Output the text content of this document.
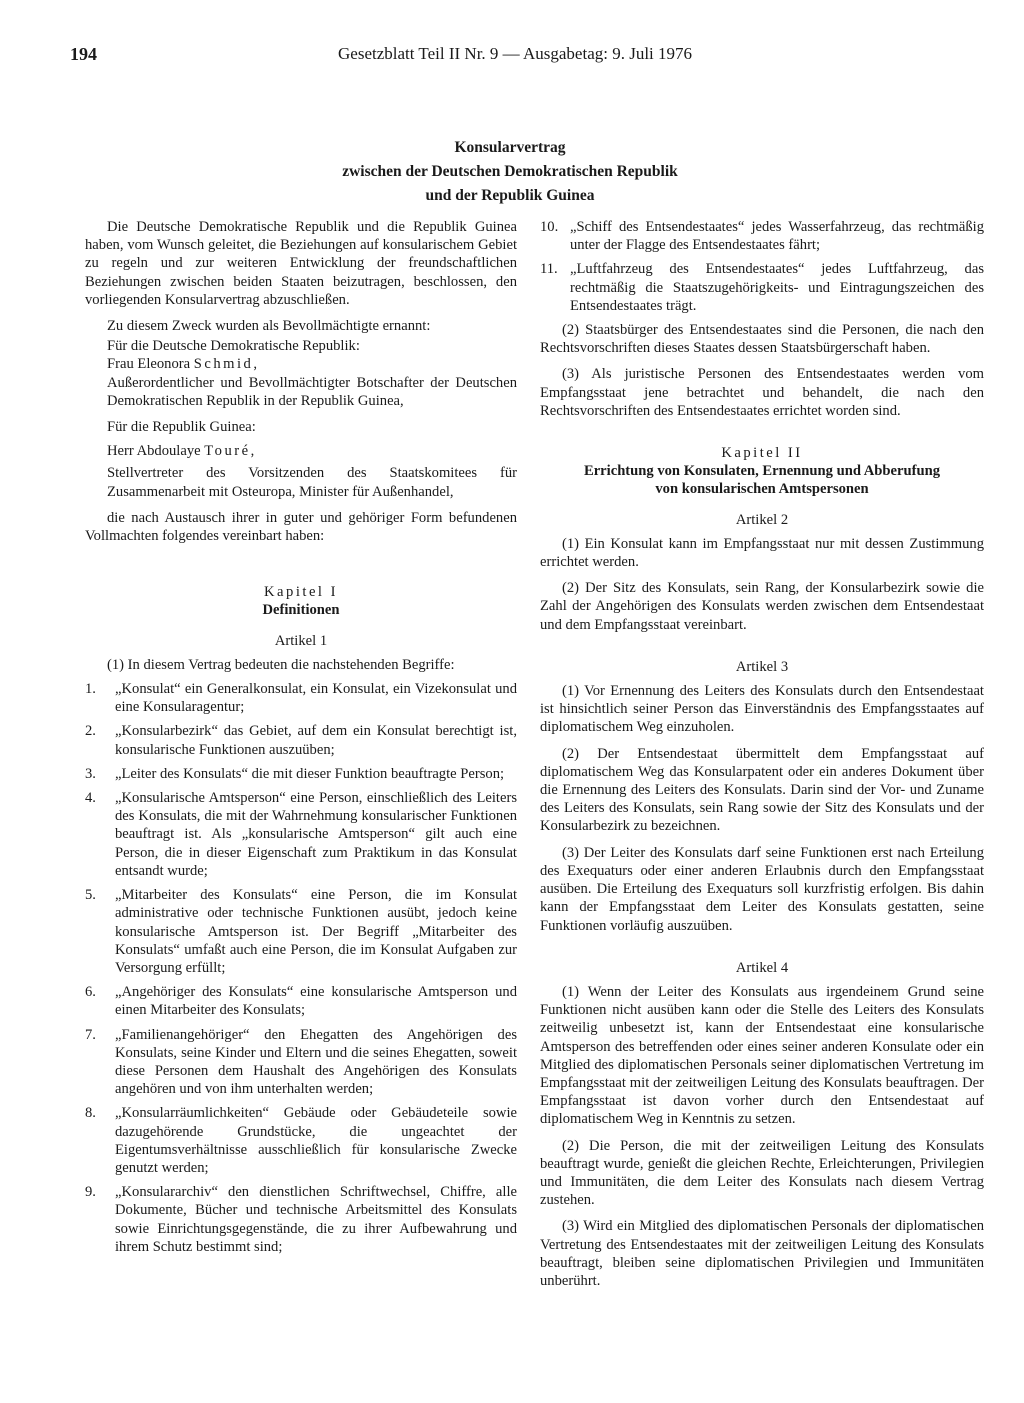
194	Gesetzblatt Teil II Nr. 9 — Ausgabetag: 9. Juli 1976
Konsularvertrag
zwischen der Deutschen Demokratischen Republik
und der Republik Guinea

Die Deutsche Demokratische Republik und die Republik Guinea haben, vom Wunsch geleitet, die Beziehungen auf konsularischem Gebiet zu regeln und zur weiteren Entwicklung der freundschaftlichen Beziehungen zwischen beiden Staaten beizutragen, beschlossen, den vorliegenden Konsularvertrag abzuschließen.

Zu diesem Zweck wurden als Bevollmächtigte ernannt:

Für die Deutsche Demokratische Republik:

Frau Eleonora Schmid,

Außerordentlicher und Bevollmächtigter Botschafter der Deutschen Demokratischen Republik in der Republik Guinea,

Für die Republik Guinea:

Herr Abdoulaye Touré,

Stellvertreter des Vorsitzenden des Staatskomitees für Zusammenarbeit mit Osteuropa, Minister für Außenhandel,

die nach Austausch ihrer in guter und gehöriger Form befundenen Vollmachten folgendes vereinbart haben:

Kapitel I

Definitionen

Artikel 1

(1) In diesem Vertrag bedeuten die nachstehenden Begriffe:

1.	„Konsulat“ ein Generalkonsulat, ein Konsulat, ein Vizekonsulat und eine Konsularagentur;
2.	„Konsularbezirk“ das Gebiet, auf dem ein Konsulat berechtigt ist, konsularische Funktionen auszuüben;
3.	„Leiter des Konsulats“ die mit dieser Funktion beauftragte Person;
4.	„Konsularische Amtsperson“ eine Person, einschließlich des Leiters des Konsulats, die mit der Wahrnehmung konsularischer Funktionen beauftragt ist. Als „konsularische Amtsperson“ gilt auch eine Person, die in dieser Eigenschaft zum Praktikum in das Konsulat entsandt wurde;
5.	„Mitarbeiter des Konsulats“ eine Person, die im Konsulat administrative oder technische Funktionen ausübt, jedoch keine konsularische Amtsperson ist. Der Begriff „Mitarbeiter des Konsulats“ umfaßt auch eine Person, die im Konsulat Aufgaben zur Versorgung erfüllt;
6.	„Angehöriger des Konsulats“ eine konsularische Amtsperson und einen Mitarbeiter des Konsulats;
7.	„Familienangehöriger“ den Ehegatten des Angehörigen des Konsulats, seine Kinder und Eltern und die seines Ehegatten, soweit diese Personen dem Haushalt des Angehörigen des Konsulats angehören und von ihm unterhalten werden;
8.	„Konsularräumlichkeiten“ Gebäude oder Gebäudeteile sowie dazugehörende Grundstücke, die ungeachtet der Eigentumsverhältnisse ausschließlich für konsularische Zwecke genutzt werden;
9.	„Konsulararchiv“ den dienstlichen Schriftwechsel, Chiffre, alle Dokumente, Bücher und technische Arbeitsmittel des Konsulats sowie Einrichtungsgegenstände, die zu ihrer Aufbewahrung und ihrem Schutz bestimmt sind;
10. „Schiff des Entsendestaates“ jedes Wasserfahrzeug, das rechtmäßig unter der Flagge des Entsendestaates fährt;
11. „Luftfahrzeug des Entsendestaates“ jedes Luftfahrzeug, das rechtmäßig die Staatszugehörigkeits- und Eintragungszeichen des Entsendestaates trägt.

(2) Staatsbürger des Entsendestaates sind die Personen, die nach den Rechtsvorschriften dieses Staates dessen Staatsbürgerschaft haben.

(3) Als juristische Personen des Entsendestaates werden vom Empfangsstaat jene betrachtet und behandelt, die nach den Rechtsvorschriften des Entsendestaates errichtet worden sind.

Kapitel II

Errichtung von Konsulaten, Ernennung und Abberufung

von konsularischen Amtspersonen

Artikel 2

(1) Ein Konsulat kann im Empfangsstaat nur mit dessen Zustimmung errichtet werden.

(2) Der Sitz des Konsulats, sein Rang, der Konsularbezirk sowie die Zahl der Angehörigen des Konsulats werden zwischen dem Entsendestaat und dem Empfangsstaat vereinbart.

Artikel 3

(1) Vor Ernennung des Leiters des Konsulats durch den Entsendestaat ist hinsichtlich seiner Person das Einverständnis des Empfangsstaates auf diplomatischem Weg einzuholen.

(2) Der Entsendestaat übermittelt dem Empfangsstaat auf diplomatischem Weg das Konsularpatent oder ein anderes Dokument über die Ernennung des Leiters des Konsulats. Darin sind der Vor- und Zuname des Leiters des Konsulats, sein Rang sowie der Sitz des Konsulats und der Konsularbezirk zu bezeichnen.

(3) Der Leiter des Konsulats darf seine Funktionen erst nach Erteilung des Exequaturs oder einer anderen Erlaubnis durch den Empfangsstaat ausüben. Die Erteilung des Exequaturs soll kurzfristig erfolgen. Bis dahin kann der Empfangsstaat dem Leiter des Konsulats gestatten, seine Funktionen vorläufig auszuüben.

Artikel 4

(1) Wenn der Leiter des Konsulats aus irgendeinem Grund seine Funktionen nicht ausüben kann oder die Stelle des Leiters des Konsulats zeitweilig unbesetzt ist, kann der Entsendestaat eine konsularische Amtsperson des betreffenden oder eines seiner anderen Konsulate oder ein Mitglied des diplomatischen Personals seiner diplomatischen Vertretung im Empfangsstaat mit der zeitweiligen Leitung des Konsulats beauftragen. Der Empfangsstaat ist davon vorher durch den Entsendestaat auf diplomatischem Weg in Kenntnis zu setzen.

(2) Die Person, die mit der zeitweiligen Leitung des Konsulats beauftragt wurde, genießt die gleichen Rechte, Erleichterungen, Privilegien und Immunitäten, die dem Leiter des Konsulats nach diesem Vertrag zustehen.

(3) Wird ein Mitglied des diplomatischen Personals der diplomatischen Vertretung des Entsendestaates mit der zeitweiligen Leitung des Konsulats beauftragt, bleiben seine diplomatischen Privilegien und Immunitäten unberührt.
